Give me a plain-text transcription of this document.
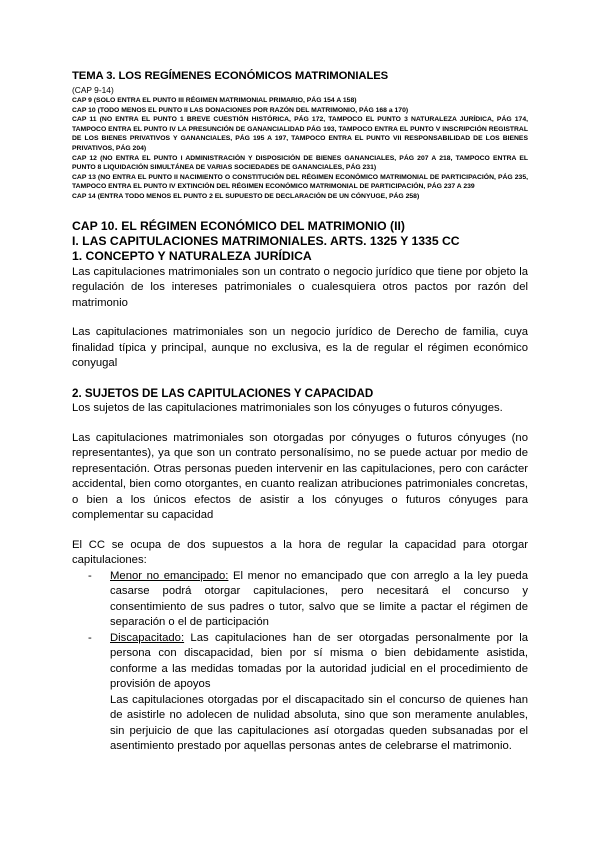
TEMA 3. LOS REGÍMENES ECONÓMICOS MATRIMONIALES

(CAP 9-14)

CAP 9 (SOLO ENTRA EL PUNTO III RÉGIMEN MATRIMONIAL PRIMARIO, PÁG 154 A 158)

CAP 10 (TODO MENOS EL PUNTO II LAS DONACIONES POR RAZÓN DEL MATRIMONIO, PÁG 168 a 170)

CAP 11 (NO ENTRA EL PUNTO 1 BREVE CUESTIÓN HISTÓRICA, PÁG 172, TAMPOCO EL PUNTO 3 NATURALEZA JURÍDICA, PÁG 174, TAMPOCO ENTRA EL PUNTO IV LA PRESUNCIÓN DE GANANCIALIDAD PÁG 193, TAMPOCO ENTRA EL PUNTO V INSCRIPCIÓN REGISTRAL DE LOS BIENES PRIVATIVOS Y GANANCIALES, PÁG 195 A 197, TAMPOCO ENTRA EL PUNTO VII RESPONSABILIDAD DE LOS BIENES PRIVATIVOS, PÁG 204)

CAP 12 (NO ENTRA EL PUNTO I ADMINISTRACIÓN Y DISPOSICIÓN DE BIENES GANANCIALES, PÁG 207 A 218, TAMPOCO ENTRA EL PUNTO 8 LIQUIDACIÓN SIMULTÁNEA DE VARIAS SOCIEDADES DE GANANCIALES, PÁG 231)

CAP 13 (NO ENTRA EL PUNTO II NACIMIENTO O CONSTITUCIÓN DEL RÉGIMEN ECONÓMICO MATRIMONIAL DE PARTICIPACIÓN, PÁG 235, TAMPOCO ENTRA EL PUNTO IV EXTINCIÓN DEL RÉGIMEN ECONÓMICO MATRIMONIAL DE PARTICIPACIÓN, PÁG 237 A 239

CAP 14 (ENTRA TODO MENOS EL PUNTO 2 EL SUPUESTO DE DECLARACIÓN DE UN CÓNYUGE, PÁG 258)

CAP 10. EL RÉGIMEN ECONÓMICO DEL MATRIMONIO (II)

I. LAS CAPITULACIONES MATRIMONIALES. ARTS. 1325 Y 1335 CC

1. CONCEPTO Y NATURALEZA JURÍDICA

Las capitulaciones matrimoniales son un contrato o negocio jurídico que tiene por objeto la regulación de los intereses patrimoniales o cualesquiera otros pactos por razón del matrimonio

Las capitulaciones matrimoniales son un negocio jurídico de Derecho de familia, cuya finalidad típica y principal, aunque no exclusiva, es la de regular el régimen económico conyugal

2. SUJETOS DE LAS CAPITULACIONES Y CAPACIDAD

Los sujetos de las capitulaciones matrimoniales son los cónyuges o futuros cónyuges.

Las capitulaciones matrimoniales son otorgadas por cónyuges o futuros cónyuges (no representantes), ya que son un contrato personalísimo, no se puede actuar por medio de representación. Otras personas pueden intervenir en las capitulaciones, pero con carácter accidental, bien como otorgantes, en cuanto realizan atribuciones patrimoniales concretas, o bien a los únicos efectos de asistir a los cónyuges o futuros cónyuges para complementar su capacidad

El CC se ocupa de dos supuestos a la hora de regular la capacidad para otorgar capitulaciones:

- Menor no emancipado: El menor no emancipado que con arreglo a la ley pueda casarse podrá otorgar capitulaciones, pero necesitará el concurso y consentimiento de sus padres o tutor, salvo que se limite a pactar el régimen de separación o el de participación
- Discapacitado: Las capitulaciones han de ser otorgadas personalmente por la persona con discapacidad, bien por sí misma o bien debidamente asistida, conforme a las medidas tomadas por la autoridad judicial en el procedimiento de provisión de apoyos

Las capitulaciones otorgadas por el discapacitado sin el concurso de quienes han de asistirle no adolecen de nulidad absoluta, sino que son meramente anulables, sin perjuicio de que las capitulaciones así otorgadas queden subsanadas por el asentimiento prestado por aquellas personas antes de celebrarse el matrimonio.
